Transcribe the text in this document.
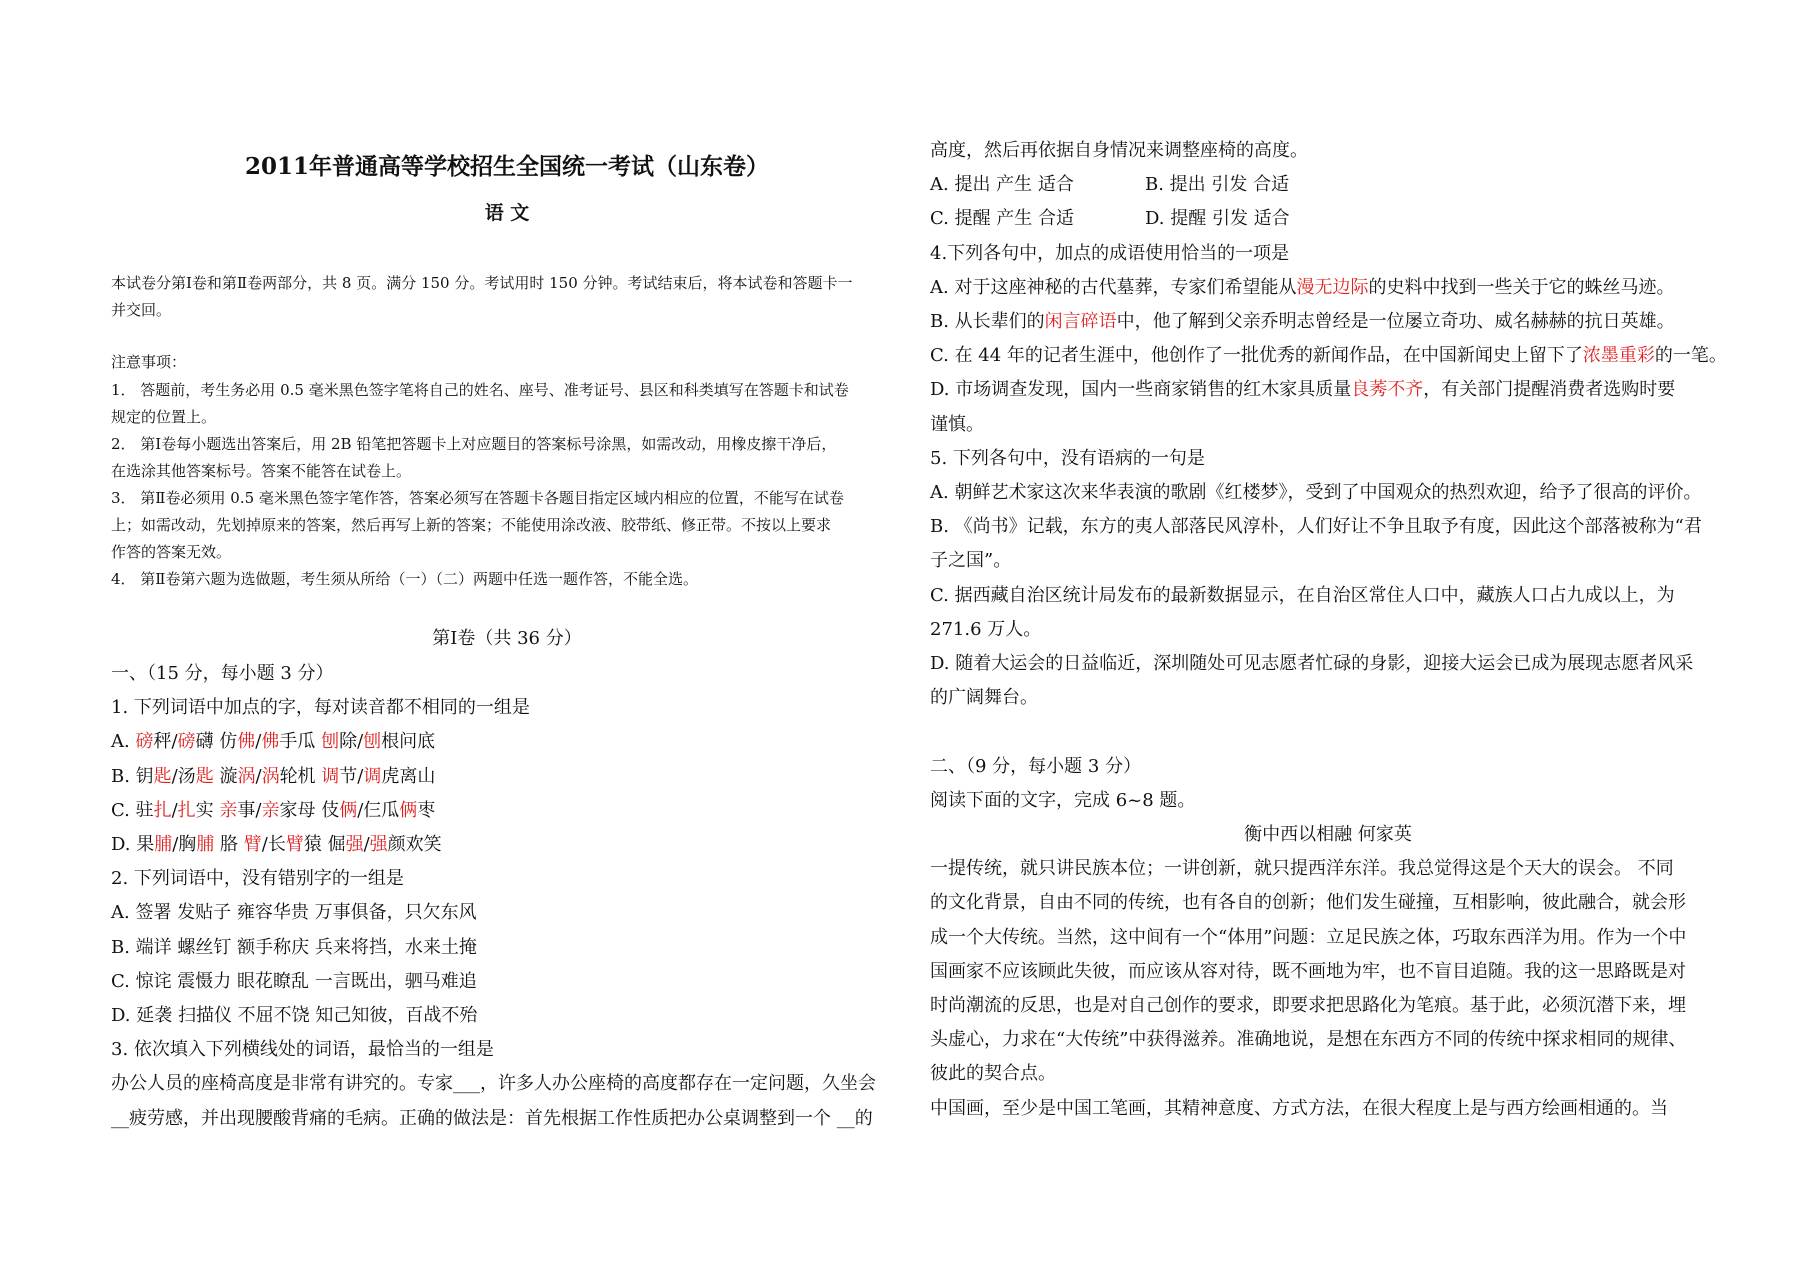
2011年普通高等学校招生全国统一考试（山东卷）
语 文
本试卷分第Ⅰ卷和第Ⅱ卷两部分，共 8 页。满分 150 分。考试用时 150 分钟。考试结束后，将本试卷和答题卡一
并交回。
注意事项：
1． 答题前，考生务必用 0.5 毫米黑色签字笔将自己的姓名、座号、准考证号、县区和科类填写在答题卡和试卷
规定的位置上。
2． 第Ⅰ卷每小题选出答案后，用 2B 铅笔把答题卡上对应题目的答案标号涂黑，如需改动，用橡皮擦干净后，
在选涂其他答案标号。答案不能答在试卷上。
3． 第Ⅱ卷必须用 0.5 毫米黑色签字笔作答，答案必须写在答题卡各题目指定区域内相应的位置，不能写在试卷
上；如需改动，先划掉原来的答案，然后再写上新的答案；不能使用涂改液、胶带纸、修正带。不按以上要求
作答的答案无效。
4． 第Ⅱ卷第六题为选做题，考生须从所给（一）（二）两题中任选一题作答，不能全选。
第Ⅰ卷（共 36 分）
一、（15 分，每小题 3 分）
1. 下列词语中加点的字，每对读音都不相同的一组是
A. 磅秤/磅礴 仿佛/佛手瓜 刨除/刨根问底
B. 钥匙/汤匙 漩涡/涡轮机 调节/调虎离山
C. 驻扎/扎实 亲事/亲家母 伎俩/仨瓜俩枣
D. 果脯/胸脯 胳 臂/长臂猿 倔强/强颜欢笑
2. 下列词语中，没有错别字的一组是
A. 签署 发贴子 雍容华贵 万事俱备，只欠东风
B. 端详 螺丝钉 额手称庆 兵来将挡，水来土掩
C. 惊诧 震慑力 眼花瞭乱 一言既出，驷马难追
D. 延袭 扫描仪 不屈不饶 知己知彼，百战不殆
3. 依次填入下列横线处的词语，最恰当的一组是
办公人员的座椅高度是非常有讲究的。专家___，许多人办公座椅的高度都存在一定问题，久坐会
__疲劳感，并出现腰酸背痛的毛病。正确的做法是：首先根据工作性质把办公桌调整到一个 __的
高度，然后再依据自身情况来调整座椅的高度。
A. 提出 产生 适合	B. 提出 引发 合适
C. 提醒 产生 合适	D. 提醒 引发 适合
4.下列各句中，加点的成语使用恰当的一项是
A. 对于这座神秘的古代墓葬，专家们希望能从漫无边际的史料中找到一些关于它的蛛丝马迹。
B. 从长辈们的闲言碎语中，他了解到父亲乔明志曾经是一位屡立奇功、威名赫赫的抗日英雄。
C. 在 44 年的记者生涯中，他创作了一批优秀的新闻作品，在中国新闻史上留下了浓墨重彩的一笔。
D. 市场调查发现，国内一些商家销售的红木家具质量良莠不齐，有关部门提醒消费者选购时要
谨慎。
5. 下列各句中，没有语病的一句是
A. 朝鲜艺术家这次来华表演的歌剧《红楼梦》，受到了中国观众的热烈欢迎，给予了很高的评价。
B. 《尚书》记载，东方的夷人部落民风淳朴，人们好让不争且取予有度，因此这个部落被称为“君
子之国”。
C. 据西藏自治区统计局发布的最新数据显示，在自治区常住人口中，藏族人口占九成以上，为
271.6 万人。
D. 随着大运会的日益临近，深圳随处可见志愿者忙碌的身影，迎接大运会已成为展现志愿者风采
的广阔舞台。
二、（9 分，每小题 3 分）
阅读下面的文字，完成 6~8 题。
衡中西以相融 何家英
一提传统，就只讲民族本位；一讲创新，就只提西洋东洋。我总觉得这是个天大的误会。 不同
的文化背景，自由不同的传统，也有各自的创新；他们发生碰撞，互相影响，彼此融合，就会形
成一个大传统。当然，这中间有一个“体用”问题：立足民族之体，巧取东西洋为用。作为一个中
国画家不应该顾此失彼，而应该从容对待，既不画地为牢，也不盲目追随。我的这一思路既是对
时尚潮流的反思，也是对自己创作的要求，即要求把思路化为笔痕。基于此，必须沉潜下来，埋
头虚心，力求在“大传统”中获得滋养。准确地说，是想在东西方不同的传统中探求相同的规律、
彼此的契合点。
中国画，至少是中国工笔画，其精神意度、方式方法，在很大程度上是与西方绘画相通的。当
